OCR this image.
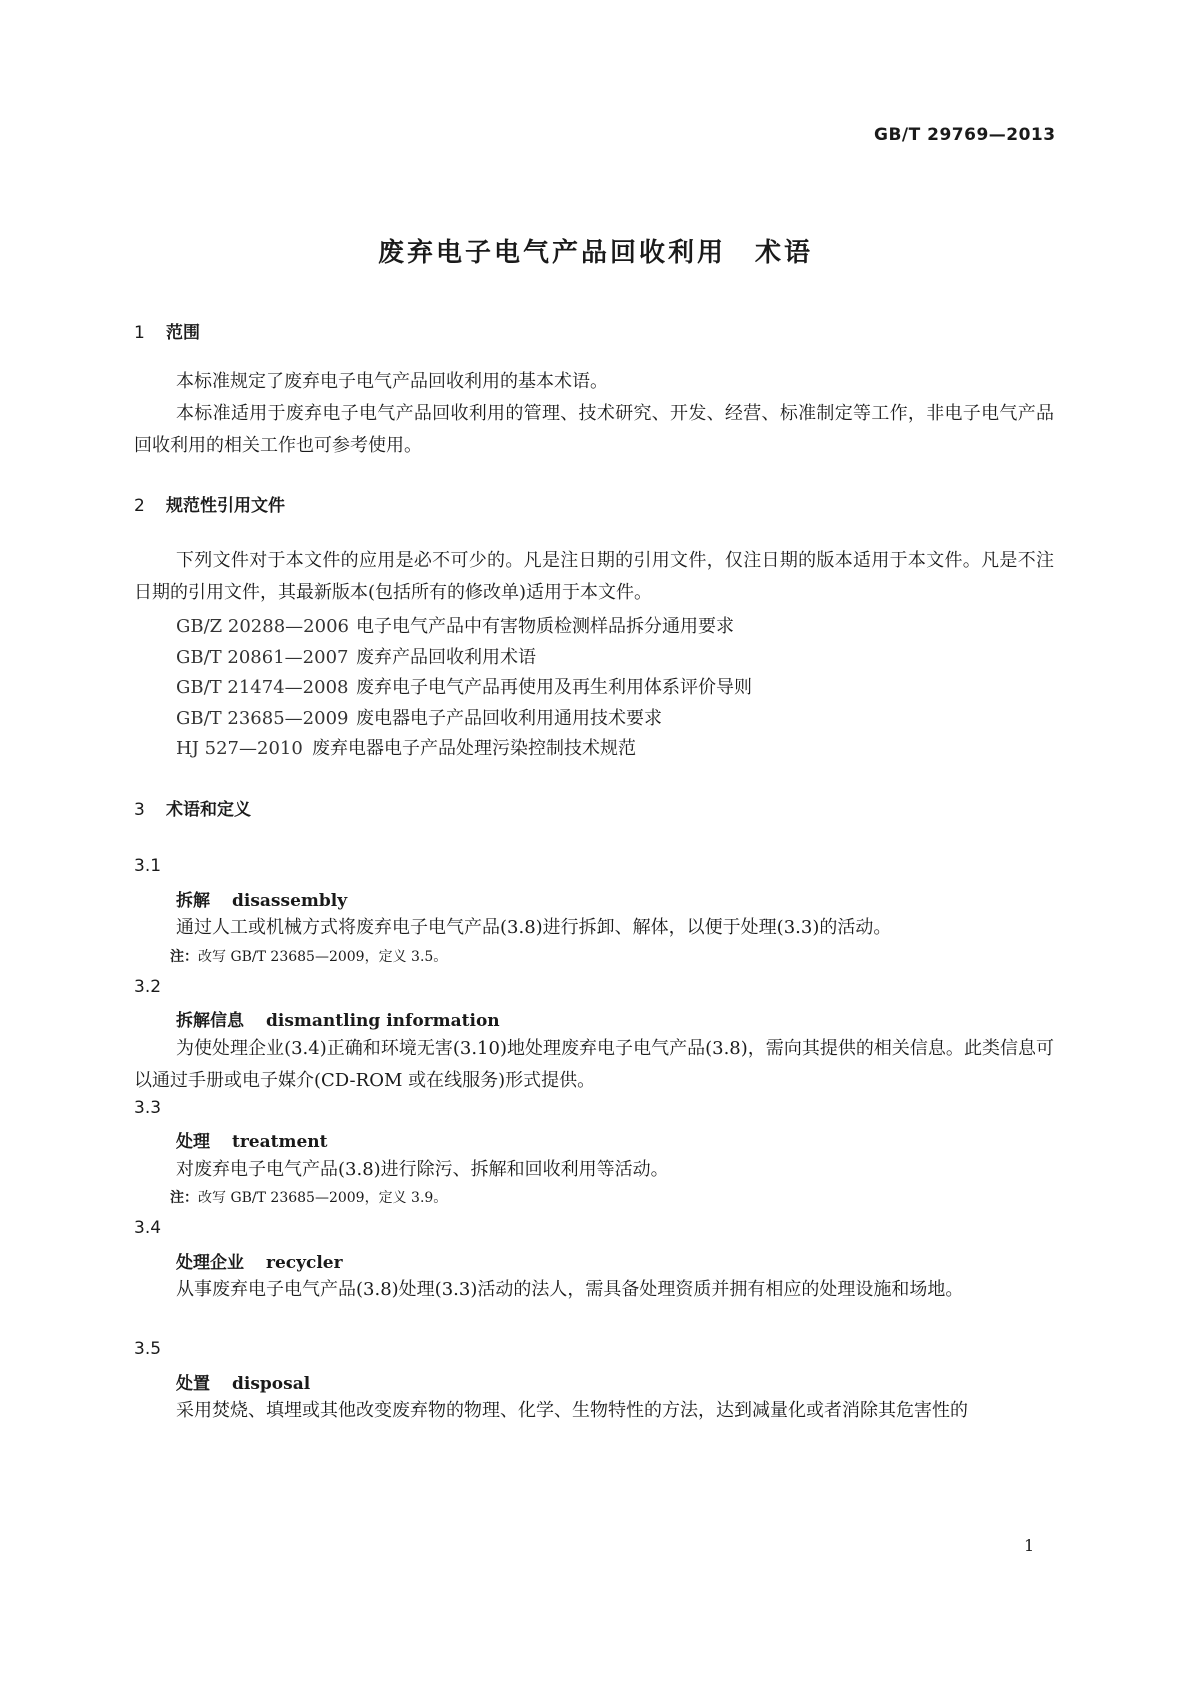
GB/T 29769—2013
废弃电子电气产品回收利用　术语
1 范围
本标准规定了废弃电子电气产品回收利用的基本术语。
本标准适用于废弃电子电气产品回收利用的管理、技术研究、开发、经营、标准制定等工作，非电子电气产品回收利用的相关工作也可参考使用。
2 规范性引用文件
下列文件对于本文件的应用是必不可少的。凡是注日期的引用文件，仅注日期的版本适用于本文件。凡是不注日期的引用文件，其最新版本(包括所有的修改单)适用于本文件。
GB/Z 20288—2006 电子电气产品中有害物质检测样品拆分通用要求
GB/T 20861—2007 废弃产品回收利用术语
GB/T 21474—2008 废弃电子电气产品再使用及再生利用体系评价导则
GB/T 23685—2009 废电器电子产品回收利用通用技术要求
HJ 527—2010 废弃电器电子产品处理污染控制技术规范
3 术语和定义
3.1
拆解 disassembly
通过人工或机械方式将废弃电子电气产品(3.8)进行拆卸、解体，以便于处理(3.3)的活动。
注：改写 GB/T 23685—2009，定义 3.5。
3.2
拆解信息 dismantling information
为使处理企业(3.4)正确和环境无害(3.10)地处理废弃电子电气产品(3.8)，需向其提供的相关信息。此类信息可以通过手册或电子媒介(CD-ROM 或在线服务)形式提供。
3.3
处理 treatment
对废弃电子电气产品(3.8)进行除污、拆解和回收利用等活动。
注：改写 GB/T 23685—2009，定义 3.9。
3.4
处理企业 recycler
从事废弃电子电气产品(3.8)处理(3.3)活动的法人，需具备处理资质并拥有相应的处理设施和场地。
3.5
处置 disposal
采用焚烧、填埋或其他改变废弃物的物理、化学、生物特性的方法，达到减量化或者消除其危害性的
1
